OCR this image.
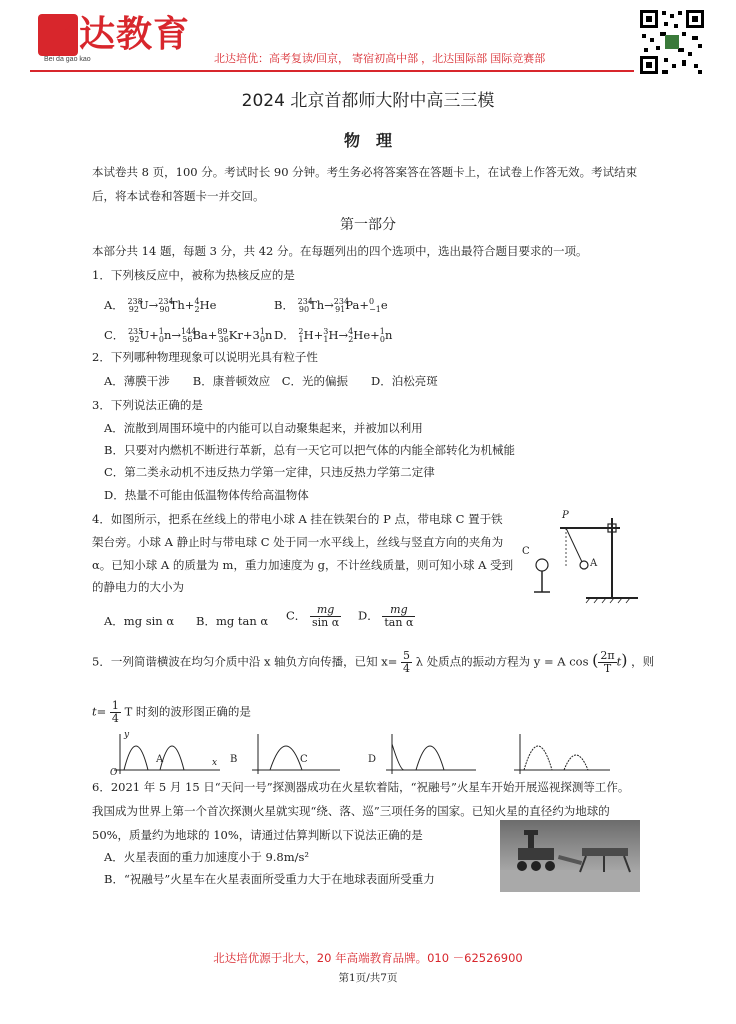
北达教育
Bei da gao kao	北达培优：高考复读/回京， 寄宿初高中部 ，北达国际部 国际竞赛部
2024 北京首都师大附中高三三模
物　理
本试卷共 8 页，100 分。考试时长 90 分钟。考生务必将答案答在答题卡上，在试卷上作答无效。考试结束
后，将本试卷和答题卡一并交回。
第一部分
本部分共 14 题，每题 3 分，共 42 分。在每题列出的四个选项中，选出最符合题目要求的一项。
1．下列核反应中，被称为热核反应的是
A． $^{238}_{92}$U→$^{234}_{90}$Th+$^4_2$He	B． $^{234}_{90}$Th→$^{234}_{91}$Pa+$^0_{-1}$e
C． $^{235}_{92}U+^1_0n\to^{144}_{56}Ba+^{89}_{36}Kr+3^1_0n$ D． $^2_1$H+$^3_1$H→$^4_2$He+$^1_0$n
2．下列哪种物理现象可以说明光具有粒子性
A．薄膜干涉　　B．康普顿效应　C．光的偏振　　D．泊松亮斑
3．下列说法正确的是
A．流散到周围环境中的内能可以自动聚集起来，并被加以利用
B．只要对内燃机不断进行革新，总有一天它可以把气体的内能全部转化为机械能
C．第二类永动机不违反热力学第一定律，只违反热力学第二定律
D．热量不可能由低温物体传给高温物体
4．如图所示，把系在丝线上的带电小球 A 挂在铁架台的 P 点，带电球 C 置于铁
架台旁。小球 A 静止时与带电球 C 处于同一水平线上，丝线与竖直方向的夹角为
α。已知小球 A 的质量为 m，重力加速度为 g，不计丝线质量，则可知小球 A 受到
的静电力的大小为
P
C
A
A．mg sin α B．mg tan α C． $\frac{mg}{\text{sin α}}$ D． $\frac{mg}{\text{tan α}}$
5．一列简谐横波在均匀介质中沿 x 轴负方向传播，已知 $x= \frac{5}{4}$ λ 处质点的振动方程为 y = A cos ( $\frac{2\pi}{T} t$) ，则
$t= \frac{1}{4}$ T 时刻的波形图正确的是
A	B	C	D
y
x
O
6．2021 年 5 月 15 日“天问一号”探测器成功在火星软着陆，“祝融号”火星车开始开展巡视探测等工作。
我国成为世界上第一个首次探测火星就实现“绕、落、巡”三项任务的国家。已知火星的直径约为地球的
50%，质量约为地球的 10%，请通过估算判断以下说法正确的是
A．火星表面的重力加速度小于 9.8m/s²
B．“祝融号”火星车在火星表面所受重力大于在地球表面所受重力
北达培优源于北大，20 年高端教育品牌。010 －62526900
第1页/共7页
